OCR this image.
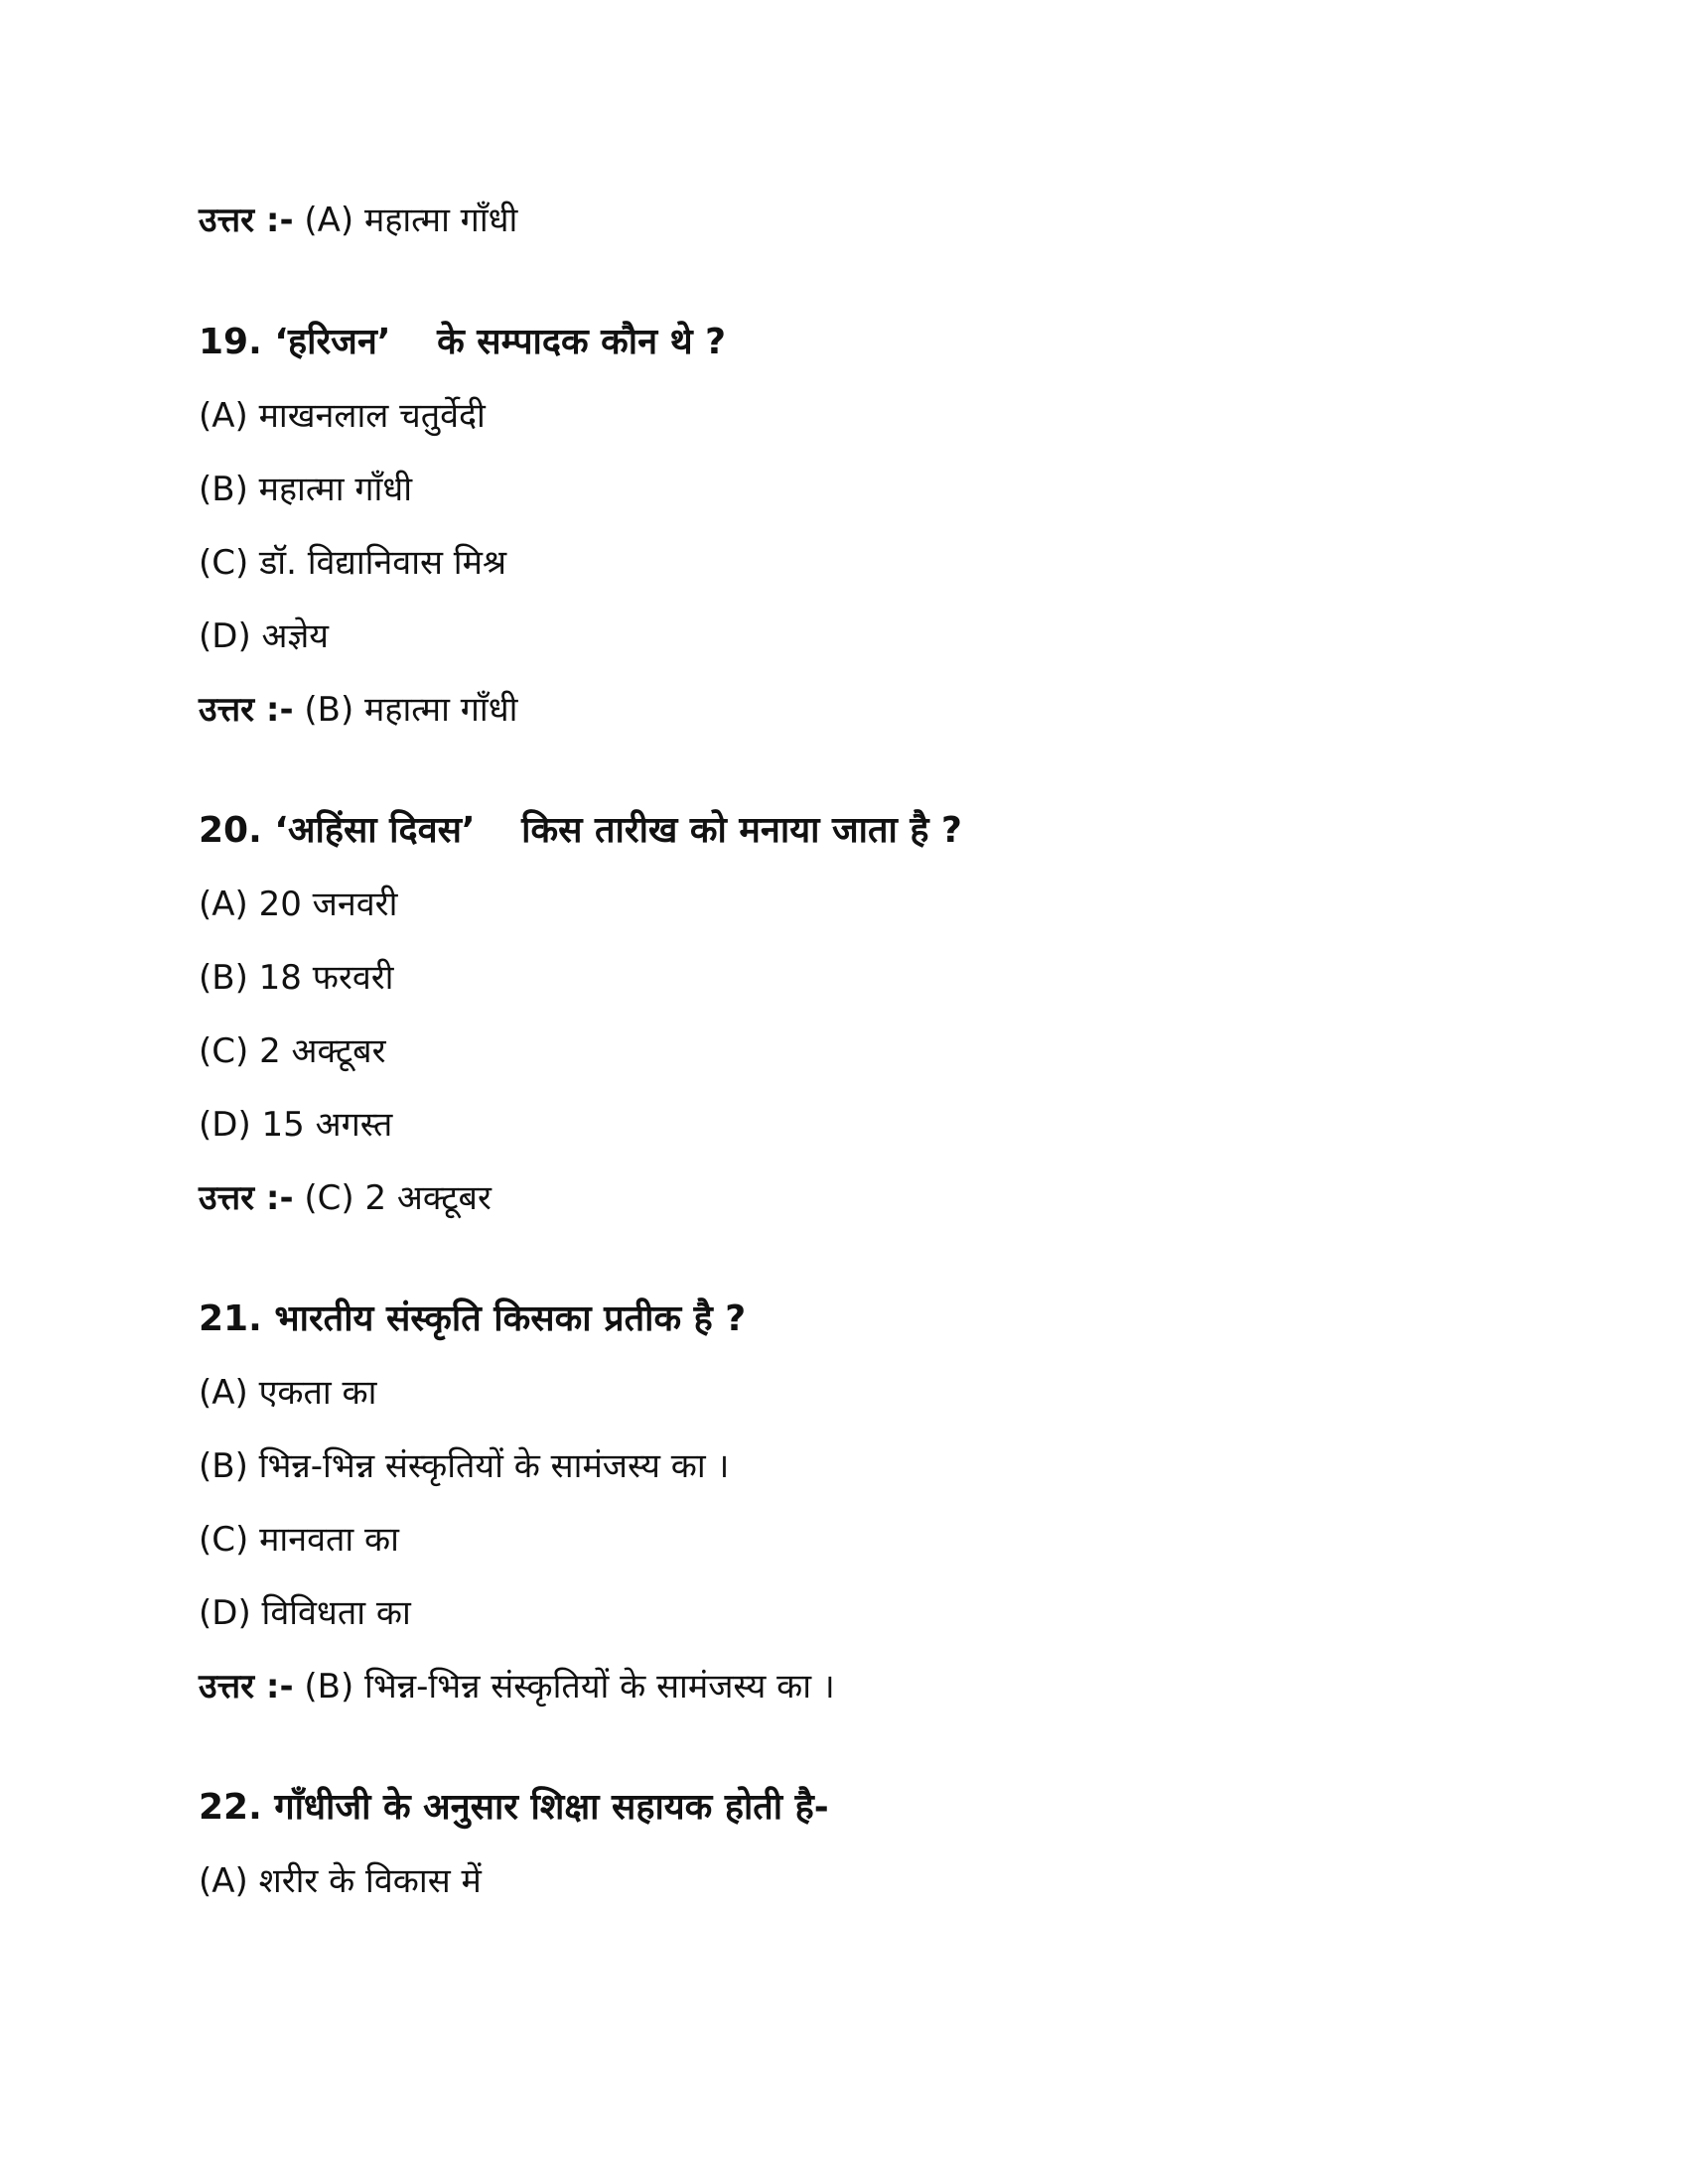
उत्तर :- (A) महात्मा गाँधी
19. ‘हरिजन’ के सम्पादक कौन थे ?
(A) माखनलाल चतुर्वेदी
(B) महात्मा गाँधी
(C) डॉ. विद्यानिवास मिश्र
(D) अज्ञेय
उत्तर :- (B) महात्मा गाँधी
20. ‘अहिंसा दिवस’ किस तारीख को मनाया जाता है ?
(A) 20 जनवरी
(B) 18 फरवरी
(C) 2 अक्टूबर
(D) 15 अगस्त
उत्तर :- (C) 2 अक्टूबर
21. भारतीय संस्कृति किसका प्रतीक है ?
(A) एकता का
(B) भिन्न-भिन्न संस्कृतियों के सामंजस्य का ।
(C) मानवता का
(D) विविधता का
उत्तर :- (B) भिन्न-भिन्न संस्कृतियों के सामंजस्य का ।
22. गाँधीजी के अनुसार शिक्षा सहायक होती है-
(A) शरीर के विकास में
